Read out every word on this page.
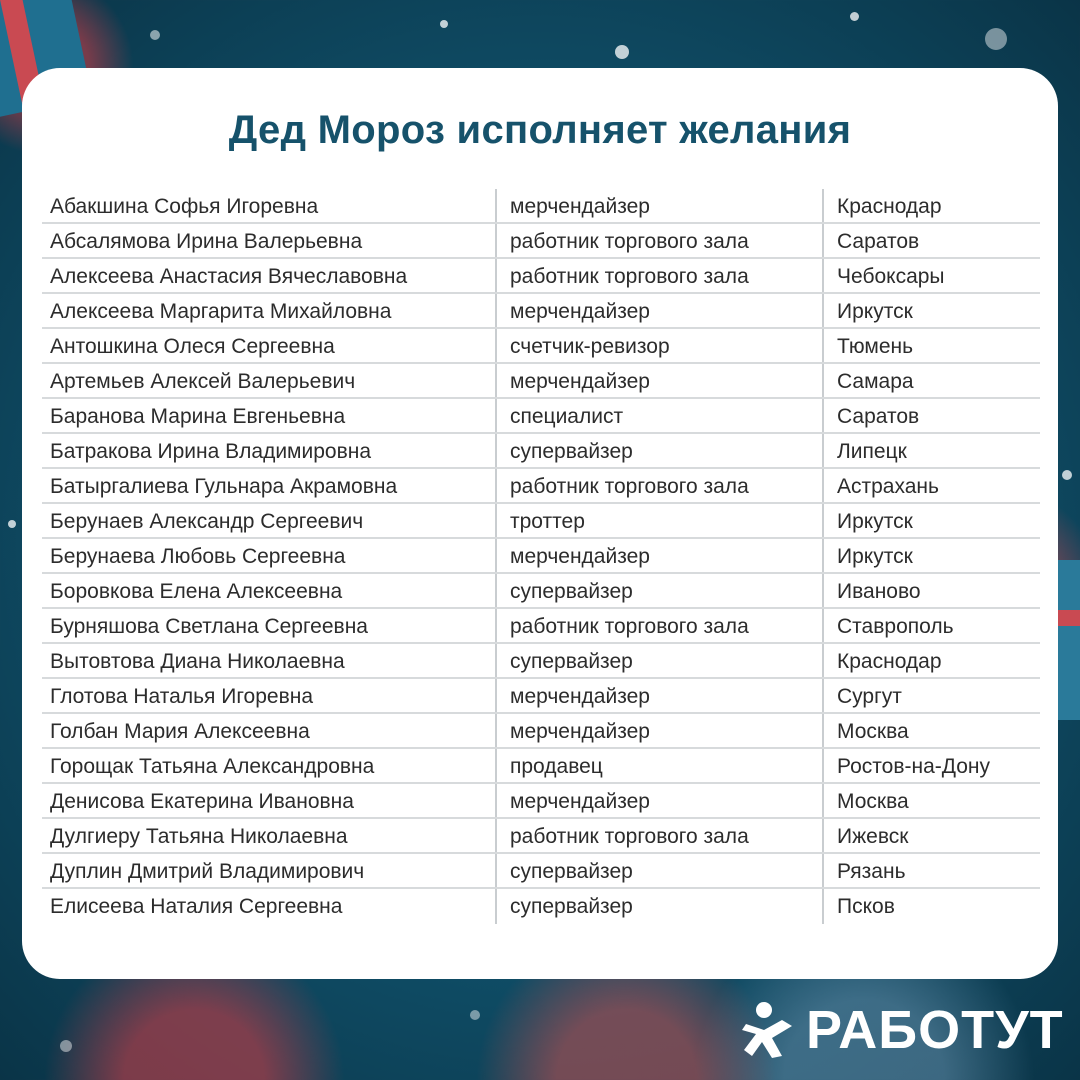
Дед Мороз исполняет желания
Абакшина Софья Игоревна	мерчендайзер	Краснодар
Абсалямова Ирина Валерьевна	работник торгового зала	Саратов
Алексеева Анастасия Вячеславовна	работник торгового зала	Чебоксары
Алексеева Маргарита Михайловна	мерчендайзер	Иркутск
Антошкина Олеся Сергеевна	счетчик-ревизор	Тюмень
Артемьев Алексей Валерьевич	мерчендайзер	Самара
Баранова Марина Евгеньевна	специалист	Саратов
Батракова Ирина Владимировна	супервайзер	Липецк
Батыргалиева Гульнара Акрамовна	работник торгового зала	Астрахань
Берунаев Александр Сергеевич	троттер	Иркутск
Берунаева Любовь Сергеевна	мерчендайзер	Иркутск
Боровкова Елена Алексеевна	супервайзер	Иваново
Бурняшова Светлана Сергеевна	работник торгового зала	Ставрополь
Вытовтова Диана Николаевна	супервайзер	Краснодар
Глотова Наталья Игоревна	мерчендайзер	Сургут
Голбан Мария Алексеевна	мерчендайзер	Москва
Горощак Татьяна Александровна	продавец	Ростов-на-Дону
Денисова Екатерина Ивановна	мерчендайзер	Москва
Дулгиеру Татьяна Николаевна	работник торгового зала	Ижевск
Дуплин Дмитрий Владимирович	супервайзер	Рязань
Елисеева Наталия Сергеевна	супервайзер	Псков
РАБОТУТ
